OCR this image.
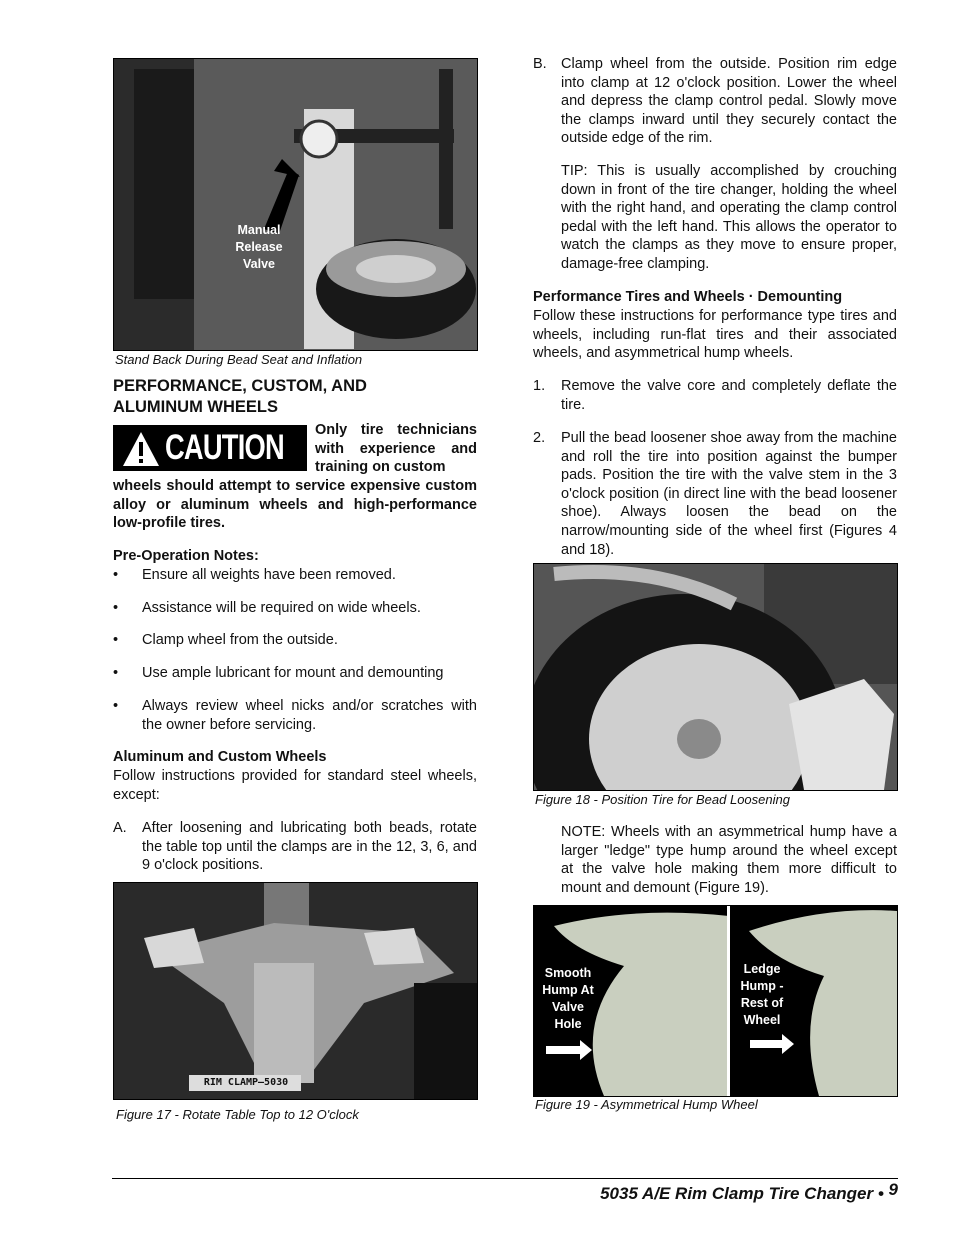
Manual
Release
Valve
Stand Back During Bead Seat and Inflation
PERFORMANCE, CUSTOM, AND ALUMINUM WHEELS
CAUTION Only tire technicians with experience and training on custom
wheels should attempt to service expensive custom alloy or aluminum wheels and high-performance low-profile tires.
Pre-Operation Notes:
• Ensure all weights have been removed.
• Assistance will be required on wide wheels.
• Clamp wheel from the outside.
• Use ample lubricant for mount and demounting
• Always review wheel nicks and/or scratches with the owner before servicing.
Aluminum and Custom Wheels
Follow instructions provided for standard steel wheels, except:
A. After loosening and lubricating both beads, rotate the table top until the clamps are in the 12, 3, 6, and 9 o'clock positions.
RIM CLAMP–5030
Figure 17 - Rotate Table Top to 12 O'clock
B. Clamp wheel from the outside. Position rim edge into clamp at 12 o'clock position. Lower the wheel and depress the clamp control pedal. Slowly move the clamps inward until they securely contact the outside edge of the rim.
TIP: This is usually accomplished by crouching down in front of the tire changer, holding the wheel with the right hand, and operating the clamp control pedal with the left hand. This allows the operator to watch the clamps as they move to ensure proper, damage-free clamping.
Performance Tires and Wheels · Demounting
Follow these instructions for performance type tires and wheels, including run-flat tires and their associated wheels, and asymmetrical hump wheels.
1. Remove the valve core and completely deflate the tire.
2. Pull the bead loosener shoe away from the machine and roll the tire into position against the bumper pads. Position the tire with the valve stem in the 3 o'clock position (in direct line with the bead loosener shoe). Always loosen the bead on the narrow/mounting side of the wheel first (Figures 4 and 18).
Figure 18 - Position Tire for Bead Loosening
NOTE: Wheels with an asymmetrical hump have a larger "ledge" type hump around the wheel except at the valve hole making them more difficult to mount and demount (Figure 19).
Smooth
Hump At
Valve
Hole
Ledge
Hump -
Rest of
Wheel
Figure 19 - Asymmetrical Hump Wheel
5035 A/E Rim Clamp Tire Changer • 9
